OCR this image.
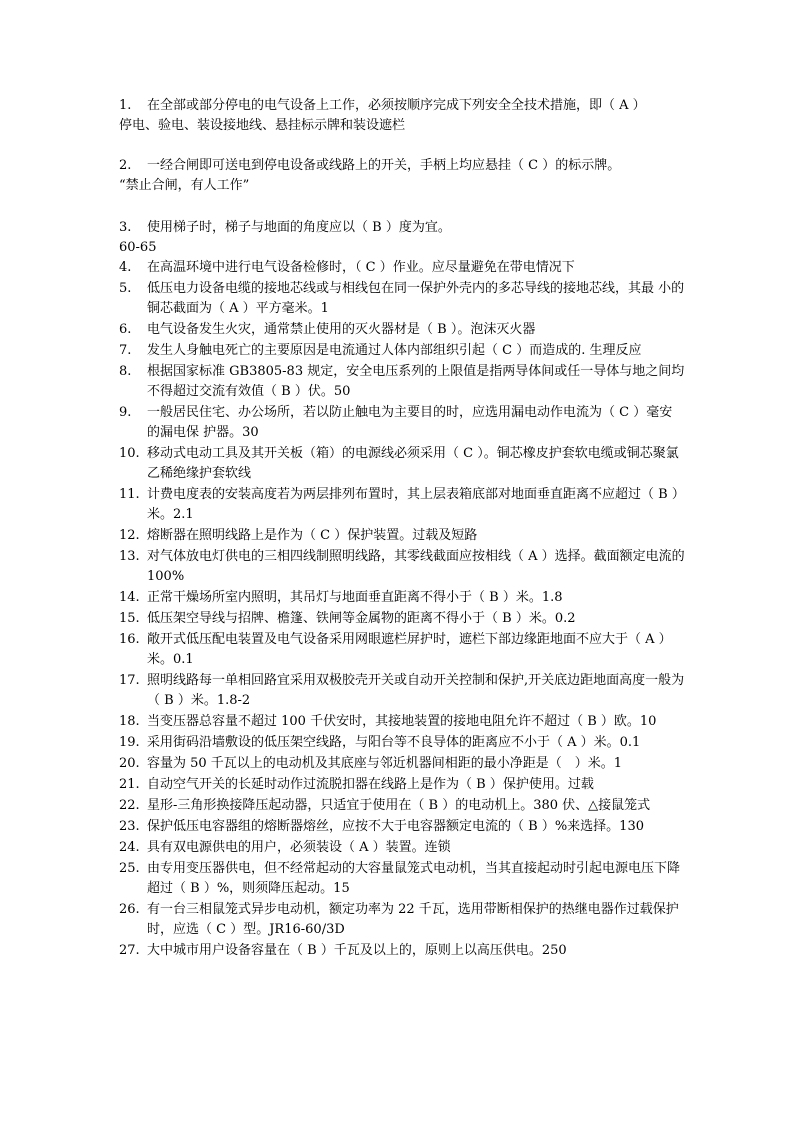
1.	在全部或部分停电的电气设备上工作，必须按顺序完成下列安全全技术措施，即（ A ）
停电、验电、装设接地线、悬挂标示牌和装设遮栏
2.	一经合闸即可送电到停电设备或线路上的开关，手柄上均应悬挂（ C ）的标示牌。
“禁止合闸，有人工作”
3.	使用梯子时，梯子与地面的角度应以（ B ）度为宜。
60-65
4.	在高温环境中进行电气设备检修时，（ C ）作业。应尽量避免在带电情况下
5.	低压电力设备电缆的接地芯线或与相线包在同一保护外壳内的多芯导线的接地芯线，其最 小的铜芯截面为（ A ）平方毫米。1
6.	电气设备发生火灾，通常禁止使用的灭火器材是（ B ）。泡沫灭火器
7.	发生人身触电死亡的主要原因是电流通过人体内部组织引起（ C ）而造成的. 生理反应
8.	根据国家标准 GB3805-83 规定，安全电压系列的上限值是指两导体间或任一导体与地之间均不得超过交流有效值（ B ）伏。50
9.	一般居民住宅、办公场所，若以防止触电为主要目的时，应选用漏电动作电流为（ C ）毫安的漏电保 护器。30
10. 移动式电动工具及其开关板（箱）的电源线必须采用（ C ）。铜芯橡皮护套软电缆或铜芯聚氯乙稀绝缘护套软线
11. 计费电度表的安装高度若为两层排列布置时，其上层表箱底部对地面垂直距离不应超过（ B ）米。2.1
12. 熔断器在照明线路上是作为（ C ）保护装置。过载及短路
13. 对气体放电灯供电的三相四线制照明线路，其零线截面应按相线（ A ）选择。截面额定电流的 100%
14. 正常干燥场所室内照明，其吊灯与地面垂直距离不得小于（ B ）米。1.8
15. 低压架空导线与招牌、檐篷、铁闸等金属物的距离不得小于（ B ）米。0.2
16. 敞开式低压配电装置及电气设备采用网眼遮栏屏护时，遮栏下部边缘距地面不应大于（ A ）米。0.1
17. 照明线路每一单相回路宜采用双极胶壳开关或自动开关控制和保护,开关底边距地面高度一般为（ B ）米。1.8-2
18. 当变压器总容量不超过 100 千伏安时，其接地装置的接地电阻允许不超过（ B ）欧。10
19. 采用街码沿墙敷设的低压架空线路，与阳台等不良导体的距离应不小于（ A ）米。0.1
20. 容量为 50 千瓦以上的电动机及其底座与邻近机器间相距的最小净距是（　）米。1
21. 自动空气开关的长延时动作过流脱扣器在线路上是作为（ B ）保护使用。过载
22. 星形-三角形换接降压起动器，只适宜于使用在（ B ）的电动机上。380 伏、△接鼠笼式
23. 保护低压电容器组的熔断器熔丝，应按不大于电容器额定电流的（ B ）%来选择。130
24. 具有双电源供电的用户，必须装设（ A ）装置。连锁
25. 由专用变压器供电，但不经常起动的大容量鼠笼式电动机，当其直接起动时引起电源电压下降超过（ B ）%，则须降压起动。15
26. 有一台三相鼠笼式异步电动机，额定功率为 22 千瓦，选用带断相保护的热继电器作过载保护时，应选（ C ）型。JR16-60/3D
27. 大中城市用户设备容量在（ B ）千瓦及以上的，原则上以高压供电。250
